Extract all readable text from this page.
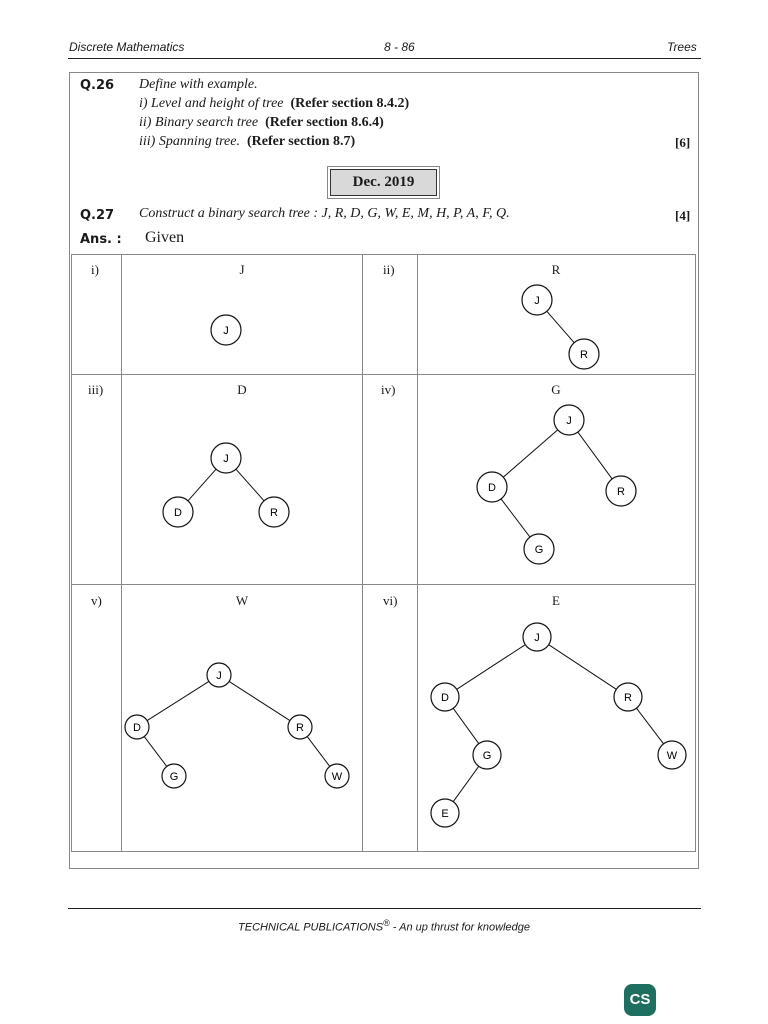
Discrete Mathematics	8 - 86	Trees
Q.26 Define with example.
i) Level and height of tree (Refer section 8.4.2)
ii) Binary search tree (Refer section 8.6.4)
iii) Spanning tree. (Refer section 8.7)	[6]
Dec. 2019
Q.27 Construct a binary search tree : J, R, D, G, W, E, M, H, P, A, F, Q.	[4]
Ans. : Given
i)	J	ii)	R
iii)	D	iv)	G
v)	W	vi)	E
J
J
R
J
D	R
J
D	R
G
J
D	R
G	W
J
D	R
G	W
E
TECHNICAL PUBLICATIONS® - An up thrust for knowledge
CS
